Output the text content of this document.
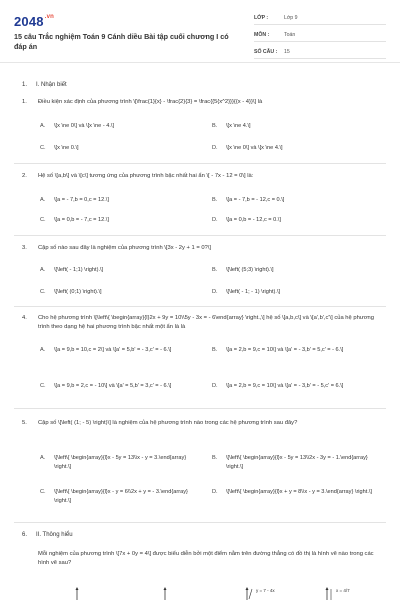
$2048^{.vn}$
15 câu Trắc nghiệm Toán 9 Cánh diều Bài tập cuối chương I có đáp án
LỚP :	Lớp 9
MÔN :	Toán
SỐ CÂU : 15
1. I. Nhận biết
1. Điều kiện xác định của phương trình \[\frac{1}{x} - \frac{2}{3} = \frac{{5{x^2}}}{{x - 4}}\] là
A. \[x \ne 0\] và \[x \ne - 4.\]	B. \[x \ne 4.\]
C. \[x \ne 0.\]	D. \[x \ne 0\] và \[x \ne 4.\]
2. Hệ số \[a,b\] và \[c\] tương ứng của phương trình bậc nhất hai ẩn \[ - 7x - 12 = 0\] là:
A. \[a = - 7,b = 0,c = 12.\]	B. \[a = - 7,b = - 12,c = 0.\]
C. \[a = 0,b = - 7,c = 12.\]	D. \[a = 0,b = - 12,c = 0.\]
3. Cặp số nào sau đây là nghiệm của phương trình \[3x - 2y + 1 = 0?\]
A. \[\left( - 1;1) \right).\]	B. \[\left( (5;3) \right).\]
C. \[\left( (0;1) \right).\]	D. \[\left( - 1; - 1) \right).\]
4. Cho hệ phương trình \[\left\{ \begin{array}{l}2x + 9y = 10\\5y - 3x = - 6\end{array} \right.,\] hệ số \[a,b,c\] và \[a',b',c'\] của hệ phương trình theo dạng hệ hai phương trình bậc nhất một ẩn là là
A. \[a = 9,b = 10,c = 2\] và \[a' = 5,b' = - 3,c' = - 6.\]	B. \[a = 2,b = 9,c = 10\] và \[a' = - 3,b' = 5,c' = - 6.\]
C. \[a = 9,b = 2,c = - 10\] và \[a' = 5,b' = 3,c' = - 6.\]	D. \[a = 2,b = 9,c = 10\] và \[a' = - 3,b' = - 5,c' = 6.\]
5. Cặp số \[\left( (1; - 5) \right)\] là nghiệm của hệ phương trình nào trong các hệ phương trình sau đây?
A. \[\left\{ \begin{array}{l}x - 5y = 13\\x - y = 3.\end{array} \right.\]
B. \[\left\{ \begin{array}{l}x - 5y = 13\\2x - 3y = - 1.\end{array} \right.\]
C. \[\left\{ \begin{array}{l}x - y = 6\\2x + y = - 3.\end{array} \right.\]
D. \[\left\{ \begin{array}{l}x + y = 8\\x - y = 3.\end{array} \right.\]
6. II. Thông hiểu
Mỗi nghiệm của phương trình \[7x + 0y = 4\] được biểu diễn bởi một điểm nằm trên đường thẳng có đồ thị là hình vẽ nào trong các hình vẽ sau?
y = 7 - 4x	x = 4/7
